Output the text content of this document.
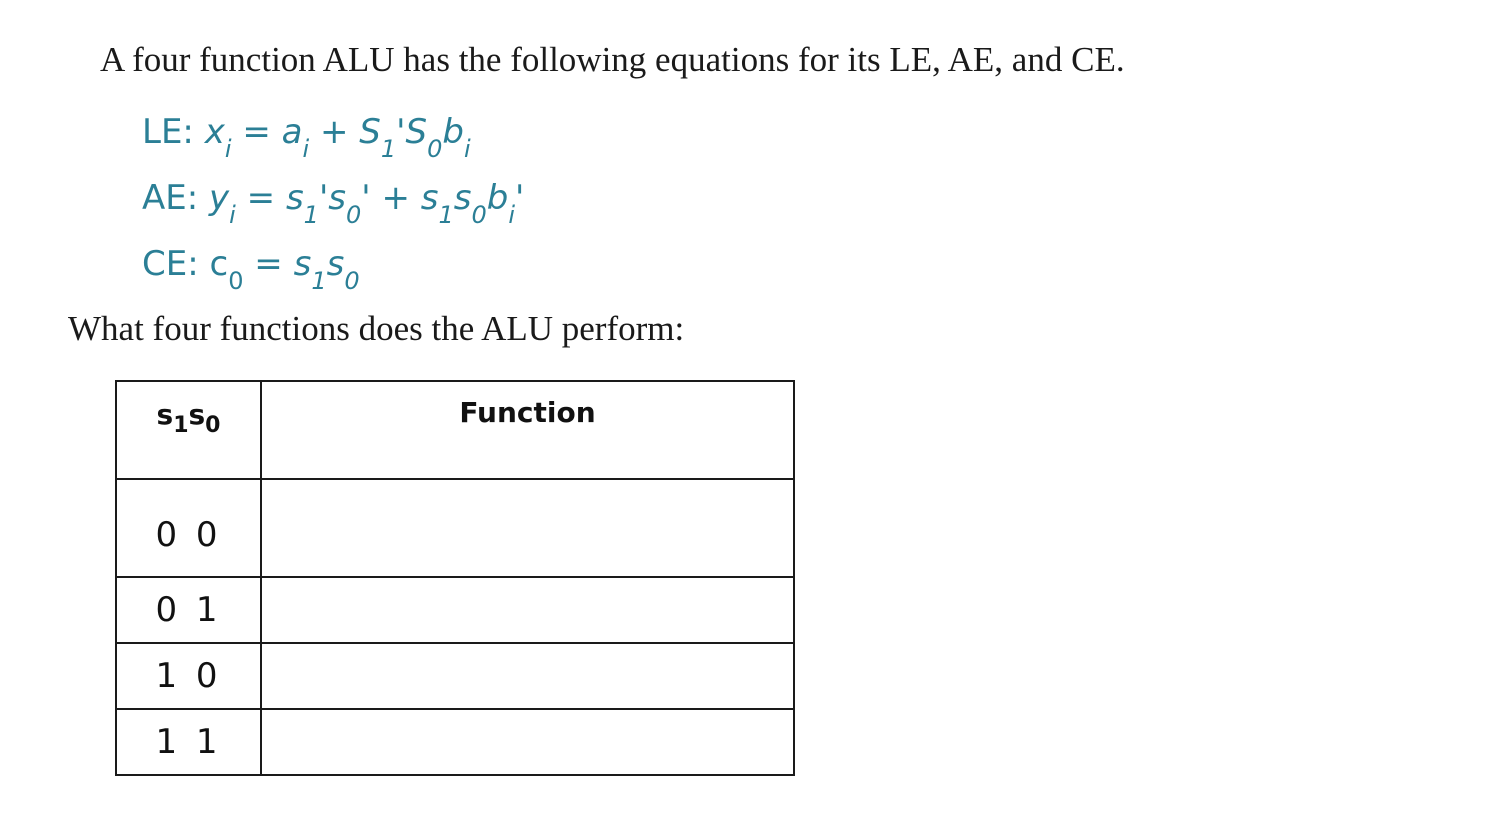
A four function ALU has the following equations for its LE, AE, and CE.
LE: $x_i = a_i + S_1'S_0b_i$
AE: $y_i = s_1's_0' + s_1s_0b_i'$
CE: $c_0 = s_1s_0$
What four functions does the ALU perform:
$s_1s_0$	Function
0 0	
0 1	
1 0	
1 1	
